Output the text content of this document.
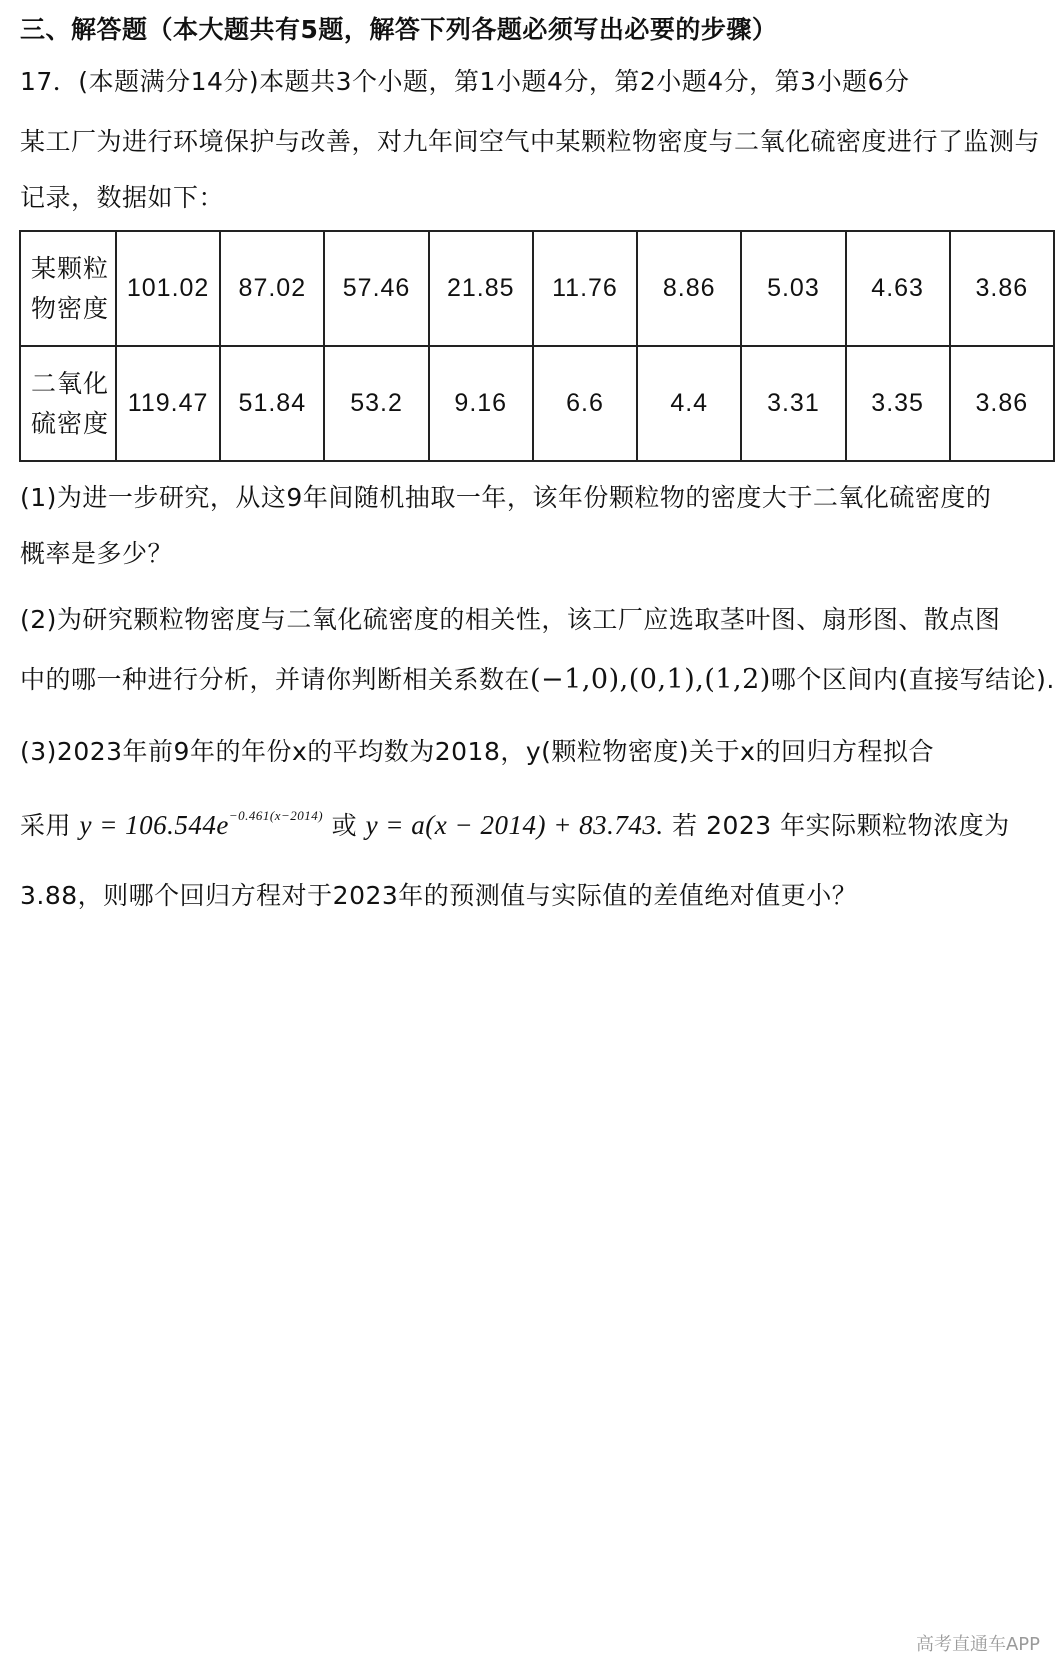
三、解答题（本大题共有5题，解答下列各题必须写出必要的步骤）
17．(本题满分14分)本题共3个小题，第1小题4分，第2小题4分，第3小题6分
某工厂为进行环境保护与改善，对九年间空气中某颗粒物密度与二氧化硫密度进行了监测与
记录，数据如下：
某颗粒
物密度	101.02	87.02	57.46	21.85	11.76	8.86	5.03	4.63	3.86

二氧化
硫密度	119.47	51.84	53.2	9.16	6.6	4.4	3.31	3.35	3.86
(1)为进一步研究，从这9年间随机抽取一年，该年份颗粒物的密度大于二氧化硫密度的
概率是多少？
(2)为研究颗粒物密度与二氧化硫密度的相关性，该工厂应选取茎叶图、扇形图、散点图
中的哪一种进行分析，并请你判断相关系数在(−1,0),(0,1),(1,2)哪个区间内(直接写结论).
(3)2023年前9年的年份x的平均数为2018，y(颗粒物密度)关于x的回归方程拟合
采用 $y = 106.544e^{-0.461(x-2014)}$ 或 y = a(x − 2014) + 83.743. 若 2023 年实际颗粒物浓度为
3.88，则哪个回归方程对于2023年的预测值与实际值的差值绝对值更小？
高考直通车APP
